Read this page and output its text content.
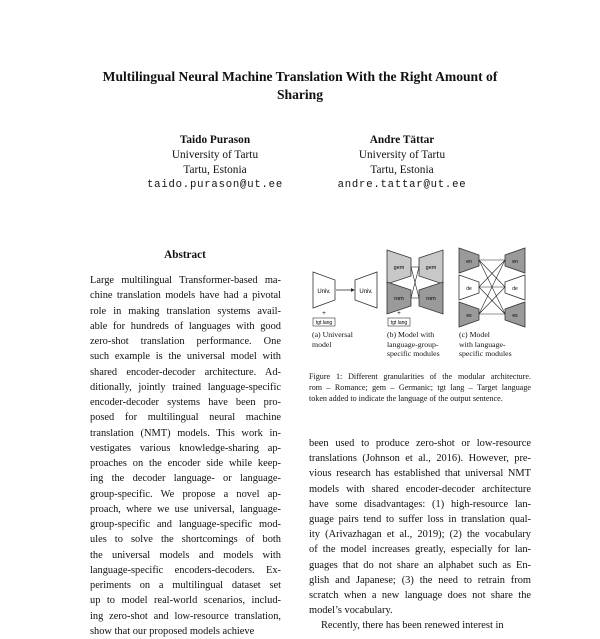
Multilingual Neural Machine Translation With the Right Amount of
Sharing
Taido Purason
University of Tartu
Tartu, Estonia
taido.purason@ut.ee
Andre Tättar
University of Tartu
Tartu, Estonia
andre.tattar@ut.ee
Abstract
Large multilingual Transformer-based ma-
chine translation models have had a pivotal
role in making translation systems avail-
able for hundreds of languages with good
zero-shot translation performance. One
such example is the universal model with
shared encoder-decoder architecture. Ad-
ditionally, jointly trained language-specific
encoder-decoder systems have been pro-
posed for multilingual neural machine
translation (NMT) models. This work in-
vestigates various knowledge-sharing ap-
proaches on the encoder side while keep-
ing the decoder language- or language-
group-specific. We propose a novel ap-
proach, where we use universal, language-
group-specific and language-specific mod-
ules to solve the shortcomings of both
the universal models and models with
language-specific encoders-decoders. Ex-
periments on a multilingual dataset set
up to model real-world scenarios, includ-
ing zero-shot and low-resource translation,
show that our proposed models achieve
Univ.	Univ.
+
tgt lang
gem	gem
rom	rom
+
tgt lang
en
de
es
en
de
es
(a) Universal
model
(b) Model with
language-group-
specific modules
(c) Model
with language-
specific modules
Figure 1: Different granularities of the modular architecture.
rom – Romance; gem – Germanic; tgt lang – Target language
token added to indicate the language of the output sentence.
been used to produce zero-shot or low-resource
translations (Johnson et al., 2016). However, pre-
vious research has established that universal NMT
models with shared encoder-decoder architecture
have some disadvantages: (1) high-resource lan-
guage pairs tend to suffer loss in translation qual-
ity (Arivazhagan et al., 2019); (2) the vocabulary
of the model increases greatly, especially for lan-
guages that do not share an alphabet such as En-
glish and Japanese; (3) the need to retrain from
scratch when a new language does not share the
model’s vocabulary.
Recently, there has been renewed interest in
